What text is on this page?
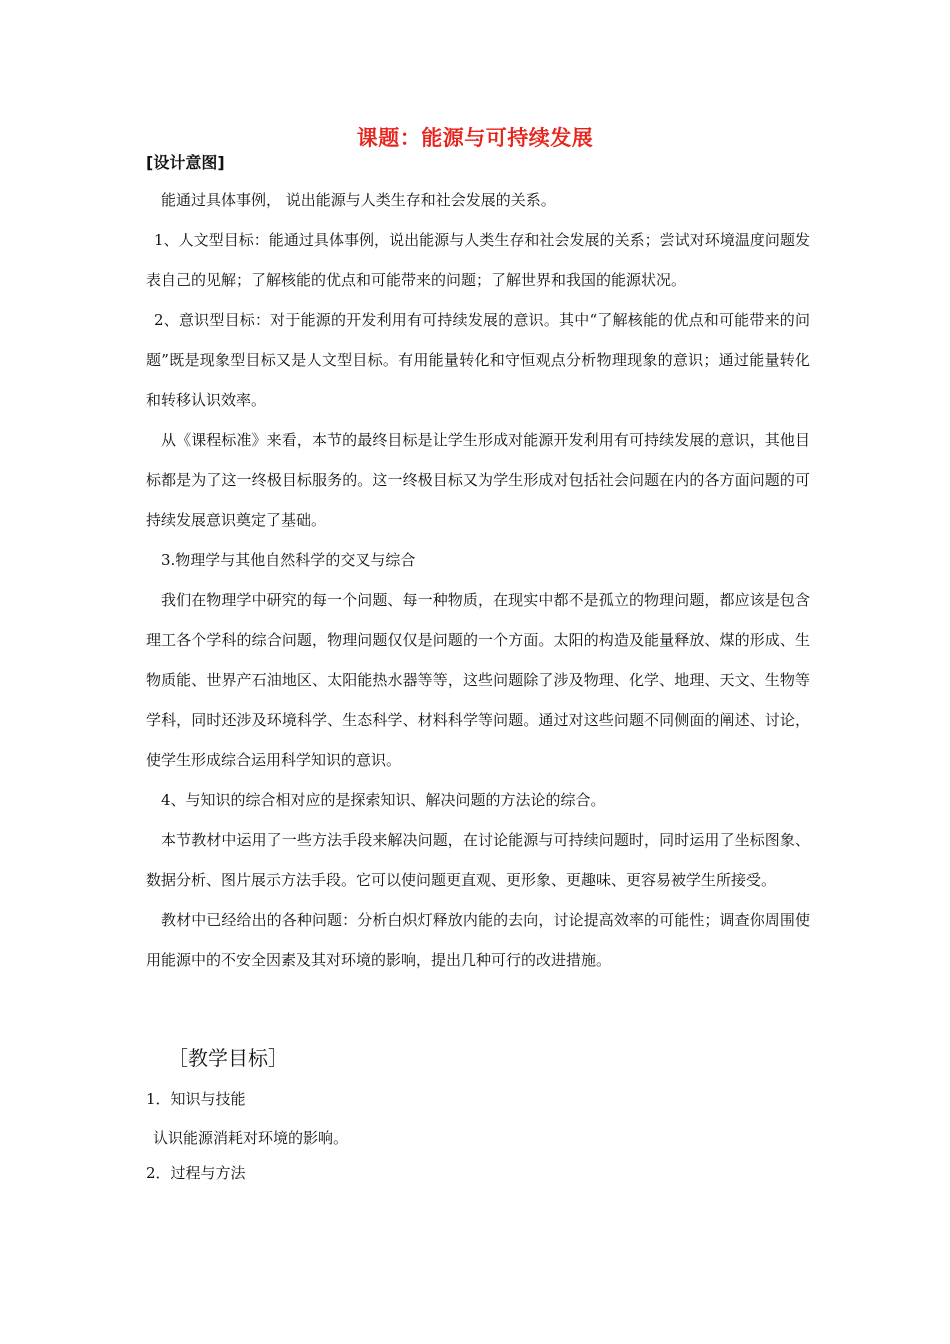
课题：能源与可持续发展
[设计意图]

能通过具体事例， 说出能源与人类生存和社会发展的关系。

1、人文型目标：能通过具体事例，说出能源与人类生存和社会发展的关系；尝试对环境温度问题发表自己的见解；了解核能的优点和可能带来的问题；了解世界和我国的能源状况。

2、意识型目标：对于能源的开发利用有可持续发展的意识。其中“了解核能的优点和可能带来的问题”既是现象型目标又是人文型目标。有用能量转化和守恒观点分析物理现象的意识；通过能量转化和转移认识效率。

从《课程标准》来看，本节的最终目标是让学生形成对能源开发利用有可持续发展的意识，其他目标都是为了这一终极目标服务的。这一终极目标又为学生形成对包括社会问题在内的各方面问题的可持续发展意识奠定了基础。

3.物理学与其他自然科学的交叉与综合

我们在物理学中研究的每一个问题、每一种物质，在现实中都不是孤立的物理问题，都应该是包含理工各个学科的综合问题，物理问题仅仅是问题的一个方面。太阳的构造及能量释放、煤的形成、生物质能、世界产石油地区、太阳能热水器等等，这些问题除了涉及物理、化学、地理、天文、生物等学科，同时还涉及环境科学、生态科学、材料科学等问题。通过对这些问题不同侧面的阐述、讨论，使学生形成综合运用科学知识的意识。

4、与知识的综合相对应的是探索知识、解决问题的方法论的综合。

本节教材中运用了一些方法手段来解决问题，在讨论能源与可持续问题时，同时运用了坐标图象、数据分析、图片展示方法手段。它可以使问题更直观、更形象、更趣味、更容易被学生所接受。

教材中已经给出的各种问题：分析白炽灯释放内能的去向，讨论提高效率的可能性；调查你周围使用能源中的不安全因素及其对环境的影响，提出几种可行的改进措施。

［教学目标］
1．知识与技能
认识能源消耗对环境的影响。
2．过程与方法
